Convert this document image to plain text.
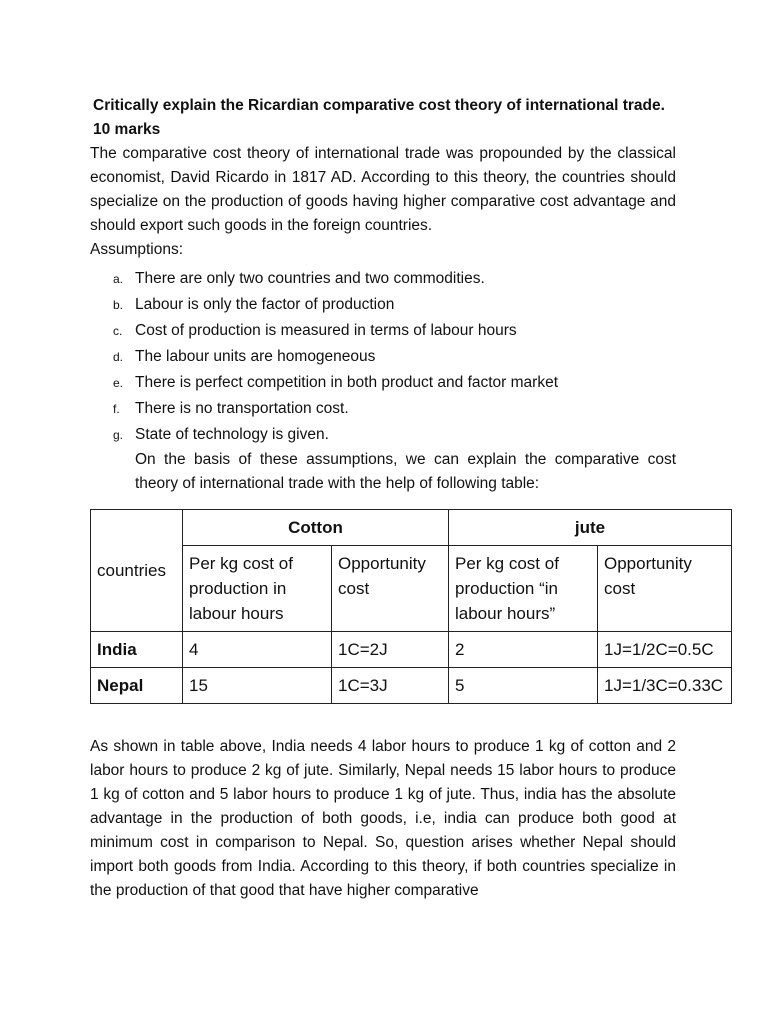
Critically explain the Ricardian comparative cost theory of international trade.
10 marks

The comparative cost theory of international trade was propounded by the classical economist, David Ricardo in 1817 AD. According to this theory, the countries should specialize on the production of goods having higher comparative cost advantage and should export such goods in the foreign countries.

Assumptions:

a. There are only two countries and two commodities.
b. Labour is only the factor of production
c. Cost of production is measured in terms of labour hours
d. The labour units are homogeneous
e. There is perfect competition in both product and factor market
f. There is no transportation cost.
g. State of technology is given.

On the basis of these assumptions, we can explain the comparative cost theory of international trade with the help of following table:

countries	Cotton		jute	
	Per kg cost of production in labour hours	Opportunity cost	Per kg cost of production “in labour hours”	Opportunity cost
India	4	1C=2J	2	1J=1/2C=0.5C
Nepal	15	1C=3J	5	1J=1/3C=0.33C

As shown in table above, India needs 4 labor hours to produce 1 kg of cotton and 2 labor hours to produce 2 kg of jute. Similarly, Nepal needs 15 labor hours to produce 1 kg of cotton and 5 labor hours to produce 1 kg of jute. Thus, india has the absolute advantage in the production of both goods, i.e, india can produce both good at minimum cost in comparison to Nepal. So, question arises whether Nepal should import both goods from India. According to this theory, if both countries specialize in the production of that good that have higher comparative
